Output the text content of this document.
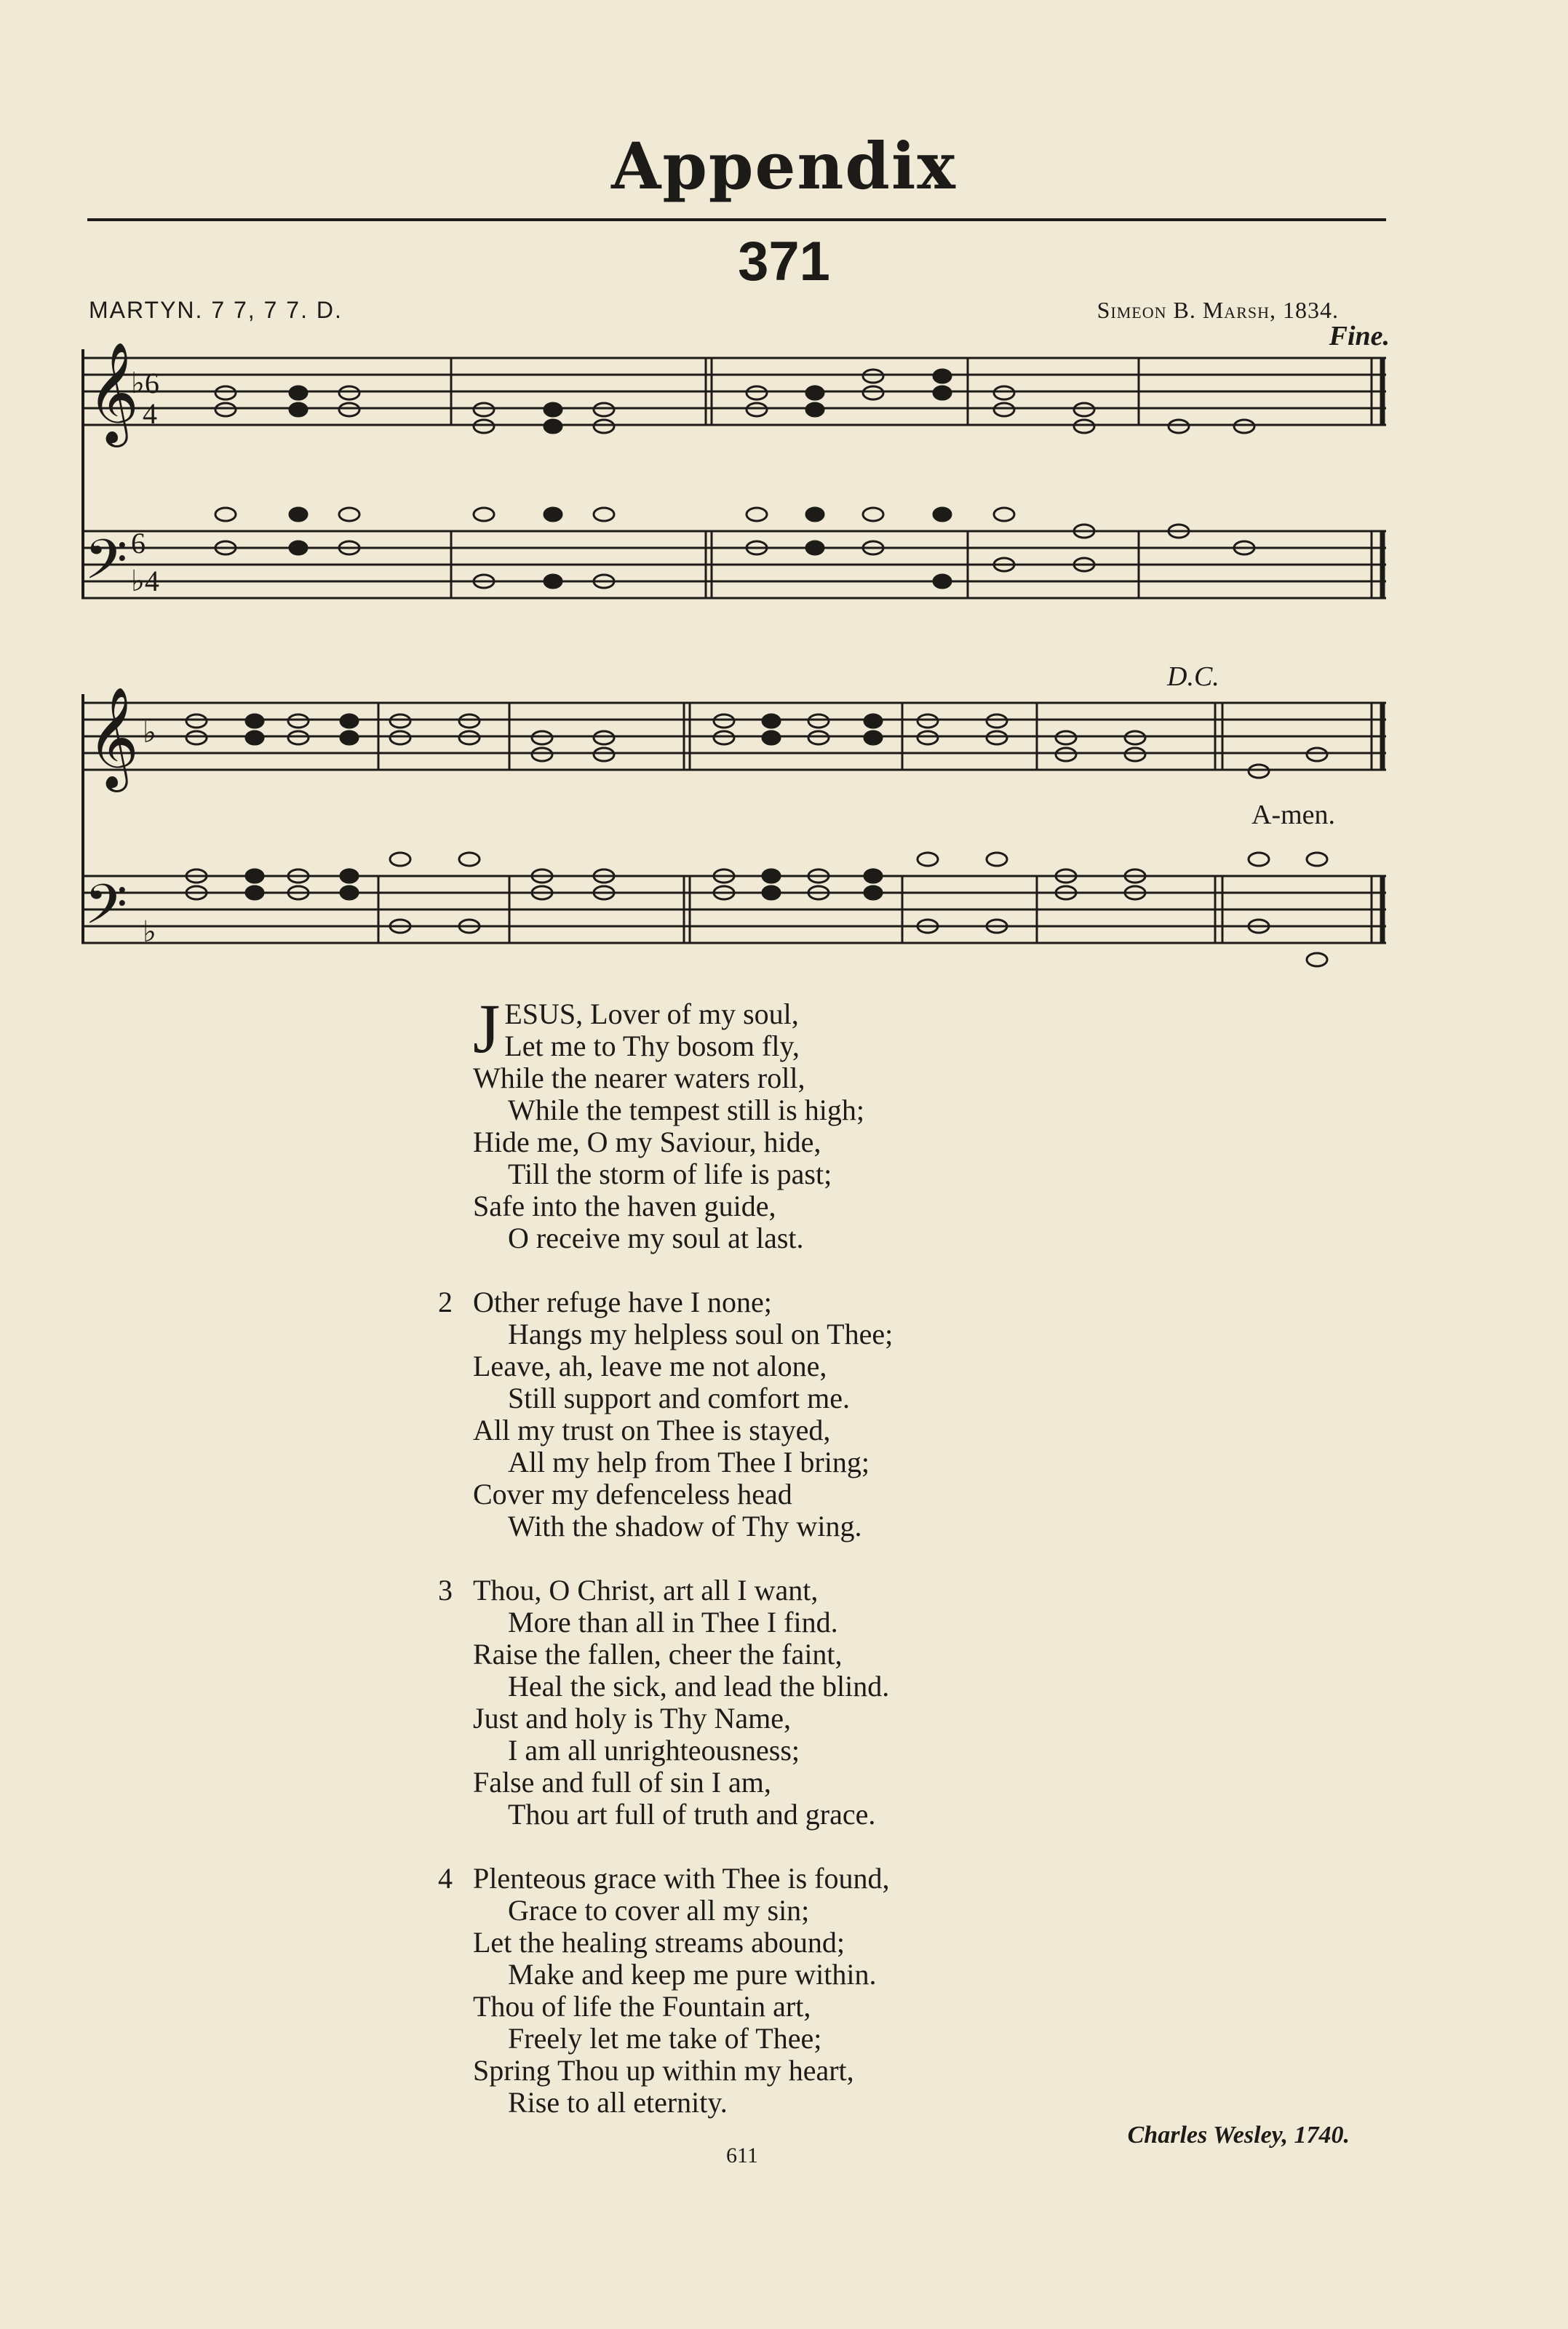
Appendix
371
MARTYN. 7 7, 7 7. D.	Simeon B. Marsh, 1834.
Fine.
𝄞
𝄢
♭6
4
6
♭4
𝄞
𝄢
♭
♭
D.C.
A-men.
J ESUS, Lover of my soul,
Let me to Thy bosom fly,
While the nearer waters roll,
While the tempest still is high;
Hide me, O my Saviour, hide,
Till the storm of life is past;
Safe into the haven guide,
O receive my soul at last.
2 Other refuge have I none;
Hangs my helpless soul on Thee;
Leave, ah, leave me not alone,
Still support and comfort me.
All my trust on Thee is stayed,
All my help from Thee I bring;
Cover my defenceless head
With the shadow of Thy wing.
3 Thou, O Christ, art all I want,
More than all in Thee I find.
Raise the fallen, cheer the faint,
Heal the sick, and lead the blind.
Just and holy is Thy Name,
I am all unrighteousness;
False and full of sin I am,
Thou art full of truth and grace.
4 Plenteous grace with Thee is found,
Grace to cover all my sin;
Let the healing streams abound;
Make and keep me pure within.
Thou of life the Fountain art,
Freely let me take of Thee;
Spring Thou up within my heart,
Rise to all eternity.
Charles Wesley, 1740.
611
